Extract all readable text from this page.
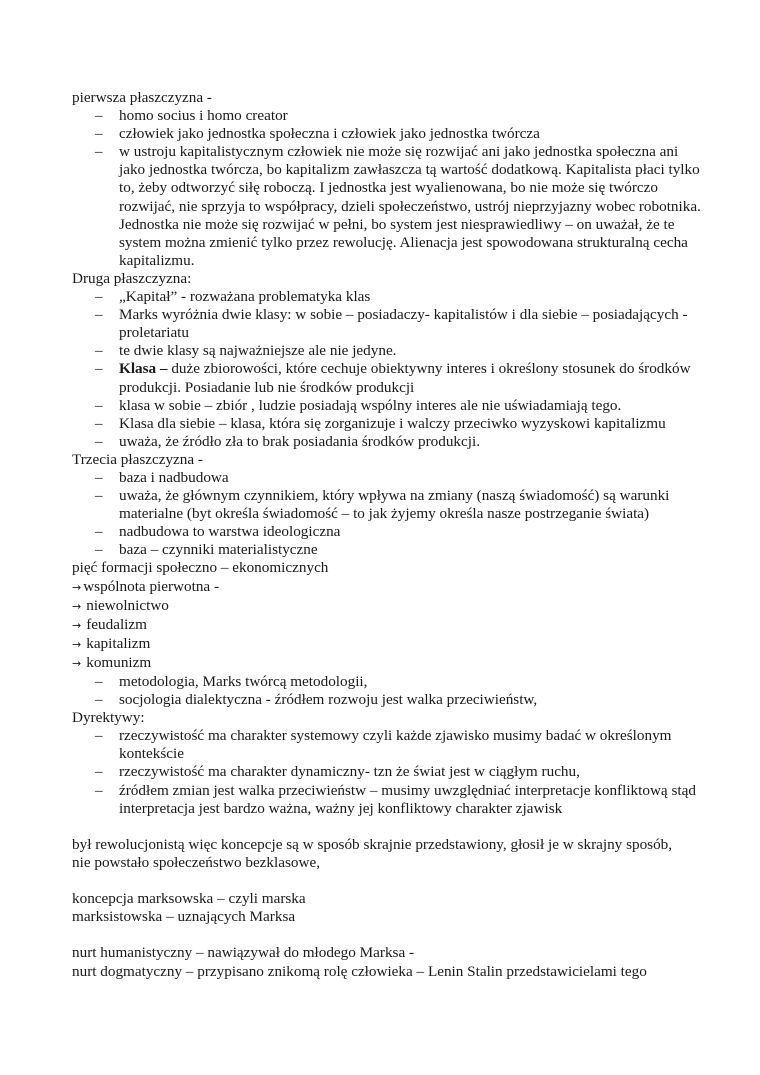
pierwsza płaszczyzna -
– homo socius i homo creator
– człowiek jako jednostka społeczna i człowiek jako jednostka twórcza
– w ustroju kapitalistycznym człowiek nie może się rozwijać ani jako jednostka społeczna ani jako jednostka twórcza, bo kapitalizm zawłaszcza tą wartość dodatkową. Kapitalista płaci tylko to, żeby odtworzyć siłę roboczą. I jednostka jest wyalienowana, bo nie może się twórczo rozwijać, nie sprzyja to współpracy, dzieli społeczeństwo, ustrój nieprzyjazny wobec robotnika. Jednostka nie może się rozwijać w pełni, bo system jest niesprawiedliwy – on uważał, że te system można zmienić tylko przez rewolucję. Alienacja jest spowodowana strukturalną cecha kapitalizmu.
Druga płaszczyzna:
– „Kapitał” - rozważana problematyka klas
– Marks wyróżnia dwie klasy: w sobie – posiadaczy- kapitalistów i dla siebie – posiadających - proletariatu
– te dwie klasy są najważniejsze ale nie jedyne.
– Klasa – duże zbiorowości, które cechuje obiektywny interes i określony stosunek do środków produkcji. Posiadanie lub nie środków produkcji
– klasa w sobie – zbiór , ludzie posiadają wspólny interes ale nie uświadamiają tego.
– Klasa dla siebie – klasa, która się zorganizuje i walczy przeciwko wyzyskowi kapitalizmu
– uważa, że źródło zła to brak posiadania środków produkcji.
Trzecia płaszczyzna -
– baza i nadbudowa
– uważa, że głównym czynnikiem, który wpływa na zmiany (naszą świadomość) są warunki materialne (byt określa świadomość – to jak żyjemy określa nasze postrzeganie świata)
– nadbudowa to warstwa ideologiczna
– baza – czynniki materialistyczne
pięć formacji społeczno – ekonomicznych
→ wspólnota pierwotna -
→ niewolnictwo
→ feudalizm
→ kapitalizm
→ komunizm
– metodologia, Marks twórcą metodologii,
– socjologia dialektyczna - źródłem rozwoju jest walka przeciwieństw,
Dyrektywy:
– rzeczywistość ma charakter systemowy czyli każde zjawisko musimy badać w określonym kontekście
– rzeczywistość ma charakter dynamiczny- tzn że świat jest w ciągłym ruchu,
– źródłem zmian jest walka przeciwieństw – musimy uwzględniać interpretacje konfliktową stąd interpretacja jest bardzo ważna, ważny jej konfliktowy charakter zjawisk
był rewolucjonistą więc koncepcje są w sposób skrajnie przedstawiony, głosił je w skrajny sposób,
nie powstało społeczeństwo bezklasowe,
koncepcja marksowska – czyli marska
marksistowska – uznających Marksa
nurt humanistyczny – nawiązywał do młodego Marksa -
nurt dogmatyczny – przypisano znikomą rolę człowieka – Lenin Stalin przedstawicielami tego
